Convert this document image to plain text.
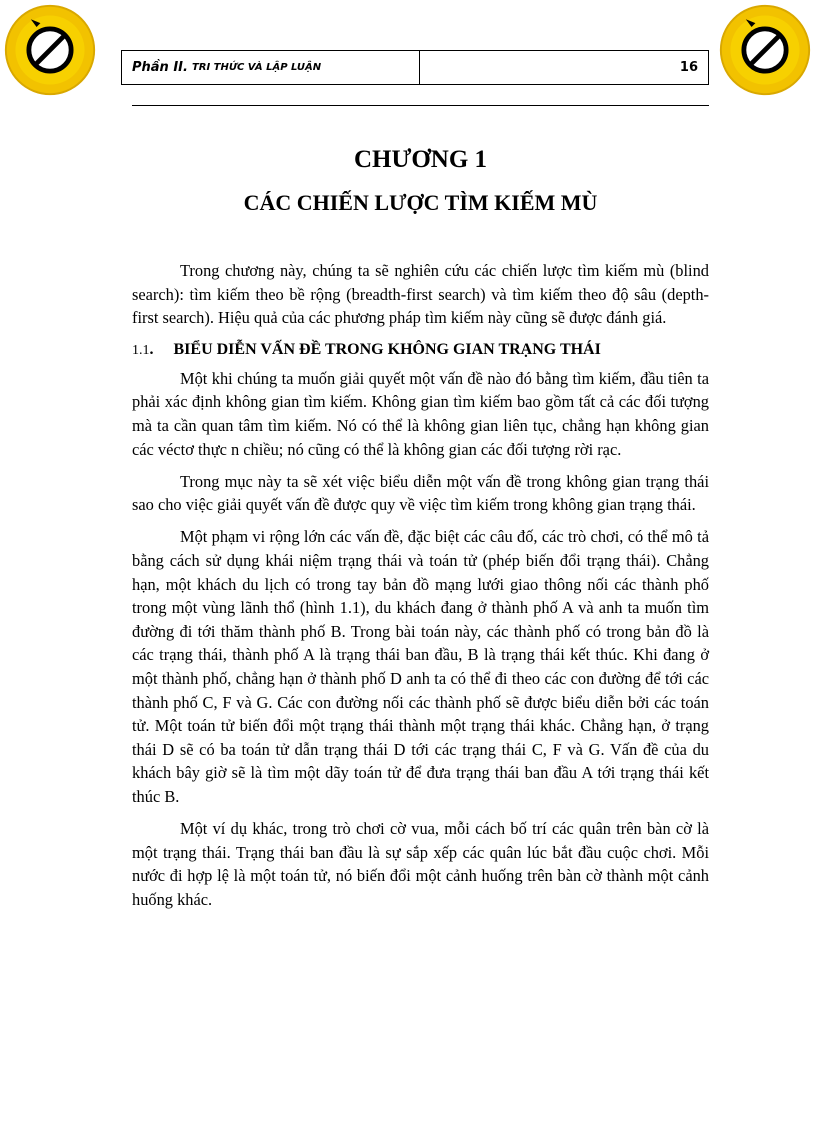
Phần II. TRI THỨC VÀ LẬP LUẬN	16
CHƯƠNG 1
CÁC CHIẾN LƯỢC TÌM KIẾM MÙ

Trong chương này, chúng ta sẽ nghiên cứu các chiến lược tìm kiếm mù (blind search): tìm kiếm theo bề rộng (breadth-first search) và tìm kiếm theo độ sâu (depth-first search). Hiệu quả của các phương pháp tìm kiếm này cũng sẽ được đánh giá.

1.1 . BIỂU DIỄN VẤN ĐỀ TRONG KHÔNG GIAN TRẠNG THÁI

Một khi chúng ta muốn giải quyết một vấn đề nào đó bằng tìm kiếm, đầu tiên ta phải xác định không gian tìm kiếm. Không gian tìm kiếm bao gồm tất cả các đối tượng mà ta cần quan tâm tìm kiếm. Nó có thể là không gian liên tục, chẳng hạn không gian các véctơ thực n chiều; nó cũng có thể là không gian các đối tượng rời rạc.

Trong mục này ta sẽ xét việc biểu diễn một vấn đề trong không gian trạng thái sao cho việc giải quyết vấn đề được quy về việc tìm kiếm trong không gian trạng thái.

Một phạm vi rộng lớn các vấn đề, đặc biệt các câu đố, các trò chơi, có thể mô tả bằng cách sử dụng khái niệm trạng thái và toán tử (phép biến đổi trạng thái). Chẳng hạn, một khách du lịch có trong tay bản đồ mạng lưới giao thông nối các thành phố trong một vùng lãnh thổ (hình 1.1), du khách đang ở thành phố A và anh ta muốn tìm đường đi tới thăm thành phố B. Trong bài toán này, các thành phố có trong bản đồ là các trạng thái, thành phố A là trạng thái ban đầu, B là trạng thái kết thúc. Khi đang ở một thành phố, chẳng hạn ở thành phố D anh ta có thể đi theo các con đường để tới các thành phố C, F và G. Các con đường nối các thành phố sẽ được biểu diễn bởi các toán tử. Một toán tử biến đổi một trạng thái thành một trạng thái khác. Chẳng hạn, ở trạng thái D sẽ có ba toán tử dẫn trạng thái D tới các trạng thái C, F và G. Vấn đề của du khách bây giờ sẽ là tìm một dãy toán tử để đưa trạng thái ban đầu A tới trạng thái kết thúc B.

Một ví dụ khác, trong trò chơi cờ vua, mỗi cách bố trí các quân trên bàn cờ là một trạng thái. Trạng thái ban đầu là sự sắp xếp các quân lúc bắt đầu cuộc chơi. Mỗi nước đi hợp lệ là một toán tử, nó biến đổi một cảnh huống trên bàn cờ thành một cảnh huống khác.
